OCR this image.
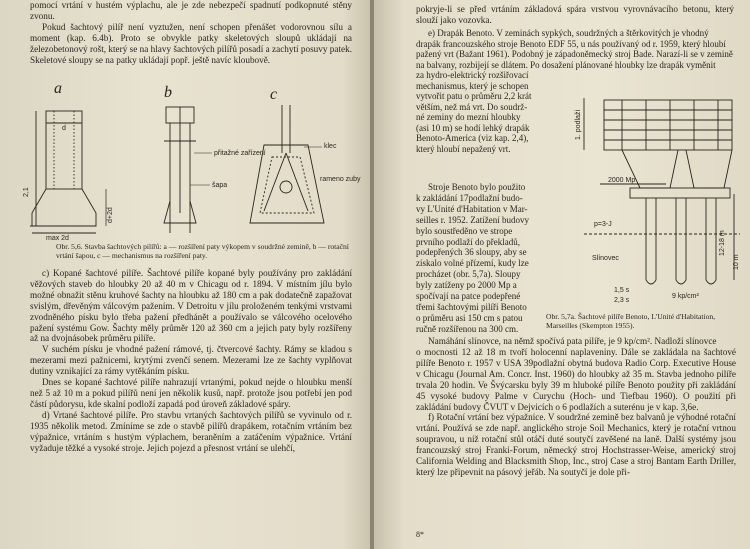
pomocí vrtání v hustém výplachu, ale je zde nebezpečí spadnutí podkopnuté stěny zvonu.

Pokud šachtový pilíř není vyztužen, není schopen přenášet vodorovnou sílu a moment (kap. 6.4b). Proto se obvykle patky skeletových sloupů ukládají na železobetonový rošt, který se na hlavy šachtových pilířů posadí a zachytí posuvy patek. Skeletové sloupy se na patky ukládají popř. ještě navíc kloubově.

a
d
max 2d
2,1
d+2d
b
přitažné zařízení
šapa
c
klec
rameno zuby
Obr. 5,6. Stavba šachtových pilířů: a — rozšíření paty výkopem v soudržné zemině, b — rotační vrtání šapou, c — mechanismus na rozšíření paty.

c) Kopané šachtové pilíře. Šachtové pilíře kopané byly používány pro zakládání věžových staveb do hloubky 20 až 40 m v Chicagu od r. 1894. V místním jílu bylo možné obnažit stěnu kruhové šachty na hloubku až 180 cm a pak dodatečně zapažovat svislým, dřevěným válcovým pažením. V Detroitu v jílu proloženém tenkými vrstvami zvodněného písku bylo třeba pažení předhánět a používalo se válcového ocelového pažení systému Gow. Šachty měly průměr 120 až 360 cm a jejich paty byly rozšířeny až na dvojnásobek průměru pilíře.

V suchém písku je vhodné pažení rámové, tj. čtvercové šachty. Rámy se kladou s mezerami mezi pažnicemi, krytými zvenčí senem. Mezerami lze ze šachty vyplňovat dutiny vznikající za rámy vytěkáním písku.

Dnes se kopané šachtové pilíře nahrazují vrtanými, pokud nejde o hloubku menší než 5 až 10 m a pokud pilířů není jen několik kusů, např. protože jsou potřebí jen pod částí půdorysu, kde skalní podloží zapadá pod úroveň základové spáry.

d) Vrtané šachtové pilíře. Pro stavbu vrtaných šachtových pilířů se vyvinulo od r. 1935 několik metod. Zmíníme se zde o stavbě pilířů drapákem, rotačním vrtáním bez výpažnice, vrtáním s hustým výplachem, beraněním a zatáčením výpažnice. Vrtání vyžaduje těžké a vysoké stroje. Jejich pojezd a přesnost vrtání se ulehčí,

pokryje-li se před vrtáním základová spára vrstvou vyrovnávacího betonu, který slouží jako vozovka.

e) Drapák Benoto. V zeminách sypkých, soudržných a štěrkovitých je vhodný
drapák francouzského stroje Benoto EDF 55, u nás používaný od r. 1959, který hloubí
pažený vrt (Bažant 1961). Podobný je západoněmecký stroj Bade. Narazí-li se v zemině
na balvany, rozbijejí se dlátem. Po dosažení plánované hloubky lze drapák vyměnit
za hydro-elektrický rozšiřovací
mechanismus, který je schopen
vytvořit patu o průměru 2,2 krát
větším, než má vrt. Do soudrž-
né zeminy do mezní hloubky
(asi 10 m) se hodí lehký drapák
Benoto-America (viz kap. 2,4),
který hloubí nepažený vrt.
Stroje Benoto bylo použito
k zakládání 17podlažní budo-
vy L'Unité d'Habitation v Mar-
seilles r. 1952. Zatížení budovy
bylo soustředěno ve strope
prvního podlaží do překladů,
podepřených 36 sloupy, aby se
získalo volné přízemí, kudy lze
procházet (obr. 5,7a). Sloupy
byly zatíženy po 2000 Mp a
spočívají na patce podepřené
třemi šachtovými pilíři Benoto
o průměru asi 150 cm s patou
ručně rozšířenou na 300 cm.
1. podlaží
2000 Mp
p=3-J
Slínovec
1,5 s
2,3 s
9 kp/cm²
12-18 m
10 m
Obr. 5,7a. Šachtové pilíře Benoto, L'Unité d'Habitation, Marseilles (Skempton 1955).
Namáhání slínovce, na němž spočívá pata pilíře, je 9 kp/cm². Nadloží slínovce

o mocnosti 12 až 18 m tvoří holocenní naplaveniny. Dále se zakládala na šachtové pilíře Benoto r. 1957 v USA 39podlažní obytná budova Radio Corp. Executive House v Chicagu (Journal Am. Concr. Inst. 1960) do hloubky až 35 m. Stavba jednoho pilíře trvala 20 hodin. Ve Švýcarsku byly 39 m hluboké pilíře Benoto použity při zakládání 45 vysoké budovy Palme v Curychu (Hoch- und Tiefbau 1960). O použití při zakládání budovy ČVUT v Dejvicích o 6 podlažích a suterénu je v kap. 3,6e.

f) Rotační vrtání bez výpažnice. V soudržné zemině bez balvanů je výhodné rotační vrtání. Používá se zde např. anglického stroje Soil Mechanics, který je rotační vrtnou soupravou, u níž rotační stůl otáčí duté soutyčí zavěšené na laně. Další systémy jsou francouzský stroj Franki-Forum, německý stroj Hochstrasser-Weise, americký stroj California Welding and Blacksmith Shop, Inc., stroj Case a stroj Bantam Earth Driller, který lze připevnit na pásový jeřáb. Na soutyčí je dole při-

8*
